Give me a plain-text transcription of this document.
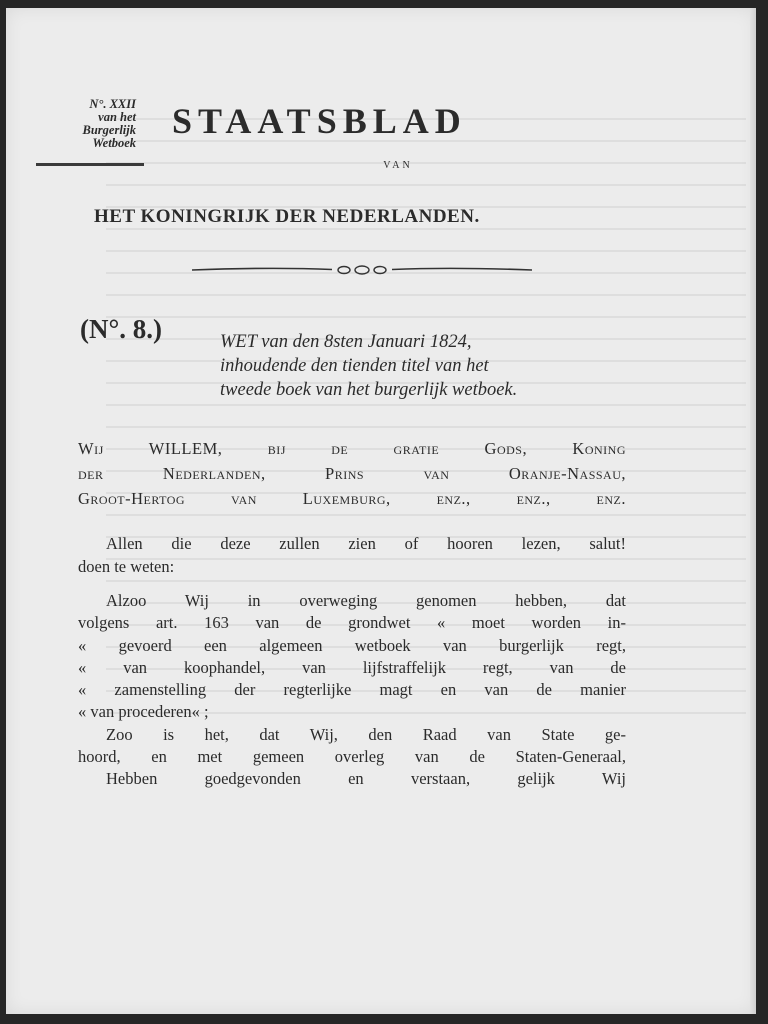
N°. XXII
van het
Burgerlijk
Wetboek
STAATSBLAD
VAN
HET KONINGRIJK DER NEDERLANDEN.
(N°. 8.)	WET van den 8sten Januari 1824,
inhoudende den tienden titel van het
tweede boek van het burgerlijk wetboek.
Wij WILLEM, bij de gratie Gods, Koning
der Nederlanden, Prins van Oranje-Nassau,
Groot-Hertog van Luxemburg, enz., enz., enz.
Allen die deze zullen zien of hooren lezen, salut!
doen te weten:
Alzoo Wij in overweging genomen hebben, dat
volgens art. 163 van de grondwet « moet worden in-
« gevoerd een algemeen wetboek van burgerlijk regt,
« van koophandel, van lijfstraffelijk regt, van de
« zamenstelling der regterlijke magt en van de manier
« van procederen« ;
Zoo is het, dat Wij, den Raad van State ge-
hoord, en met gemeen overleg van de Staten-Generaal,
Hebben goedgevonden en verstaan, gelijk Wij
